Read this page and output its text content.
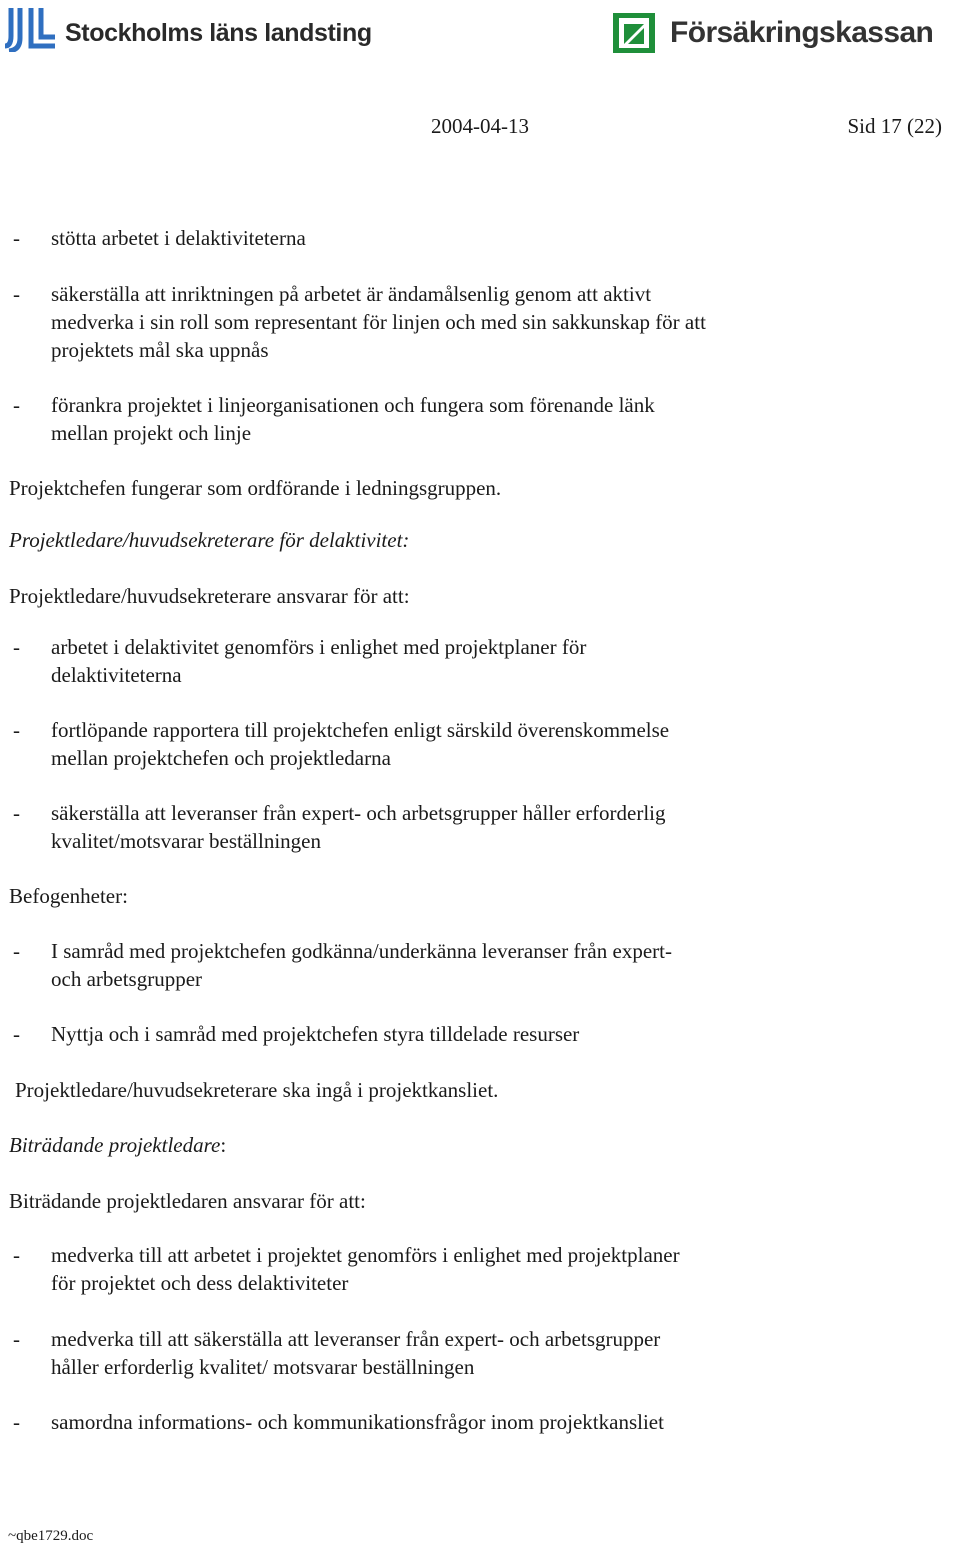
Stockholms läns landsting	Försäkringskassan
2004-04-13	Sid 17 (22)
- stötta arbetet i delaktiviteterna
- säkerställa att inriktningen på arbetet är ändamålsenlig genom att aktivt
medverka i sin roll som representant för linjen och med sin sakkunskap för att
projektets mål ska uppnås
- förankra projektet i linjeorganisationen och fungera som förenande länk
mellan projekt och linje
Projektchefen fungerar som ordförande i ledningsgruppen.
Projektledare/huvudsekreterare för delaktivitet:
Projektledare/huvudsekreterare ansvarar för att:
- arbetet i delaktivitet genomförs i enlighet med projektplaner för
delaktiviteterna
- fortlöpande rapportera till projektchefen enligt särskild överenskommelse
mellan projektchefen och projektledarna
- säkerställa att leveranser från expert- och arbetsgrupper håller erforderlig
kvalitet/motsvarar beställningen
Befogenheter:
- I samråd med projektchefen godkänna/underkänna leveranser från expert-
och arbetsgrupper
- Nyttja och i samråd med projektchefen styra tilldelade resurser
Projektledare/huvudsekreterare ska ingå i projektkansliet.
Biträdande projektledare:
Biträdande projektledaren ansvarar för att:
- medverka till att arbetet i projektet genomförs i enlighet med projektplaner
för projektet och dess delaktiviteter
- medverka till att säkerställa att leveranser från expert- och arbetsgrupper
håller erforderlig kvalitet/ motsvarar beställningen
- samordna informations- och kommunikationsfrågor inom projektkansliet
~qbe1729.doc
